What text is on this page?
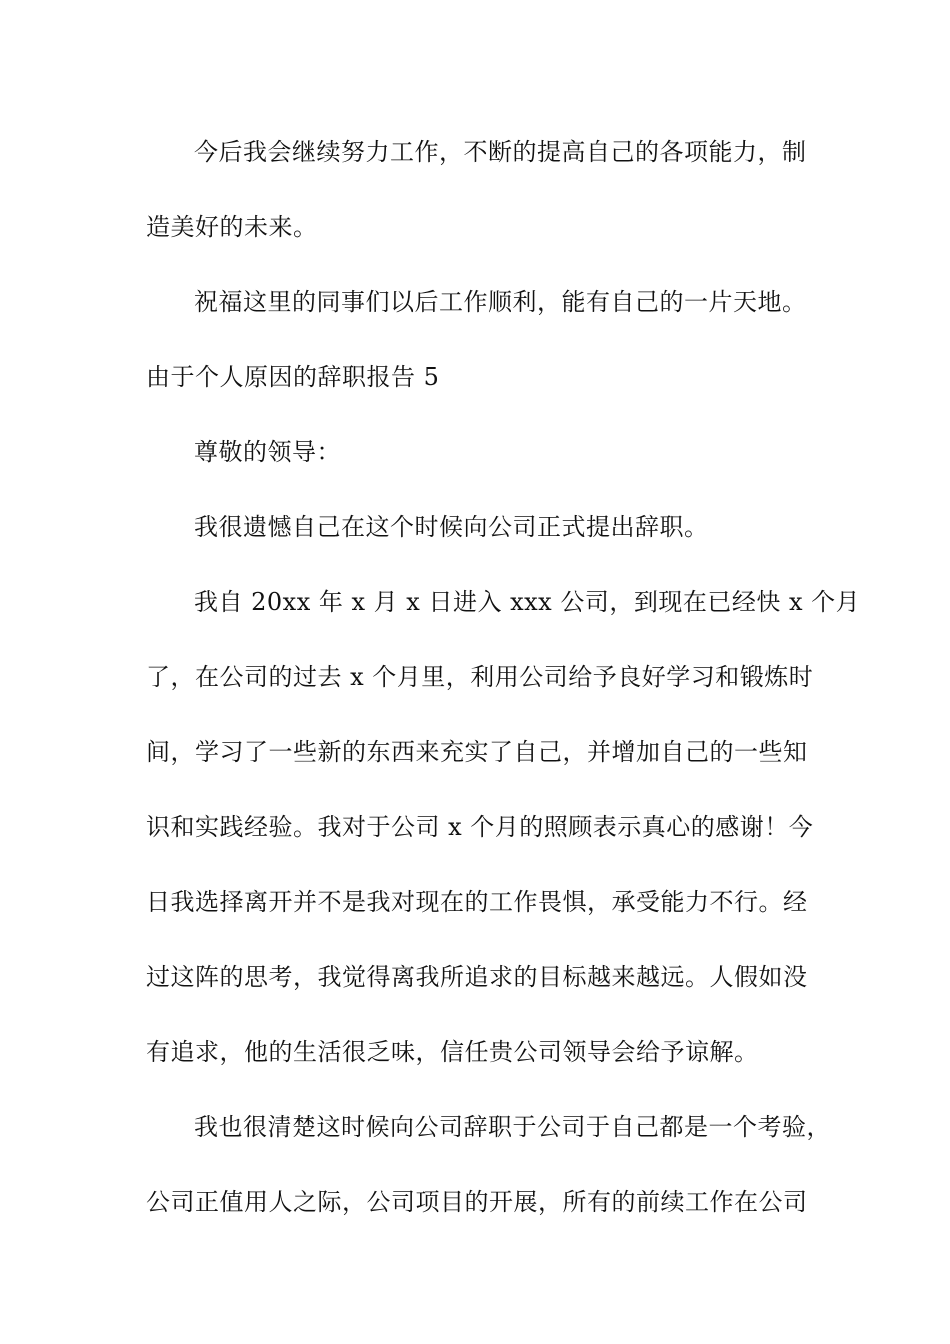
今后我会继续努力工作，不断的提高自己的各项能力，制
造美好的未来。
祝福这里的同事们以后工作顺利，能有自己的一片天地。
由于个人原因的辞职报告 5
尊敬的领导：
我很遗憾自己在这个时候向公司正式提出辞职。
我自 20xx 年 x 月 x 日进入 xxx 公司，到现在已经快 x 个月
了，在公司的过去 x 个月里，利用公司给予良好学习和锻炼时
间，学习了一些新的东西来充实了自己，并增加自己的一些知
识和实践经验。我对于公司 x 个月的照顾表示真心的感谢！今
日我选择离开并不是我对现在的工作畏惧，承受能力不行。经
过这阵的思考，我觉得离我所追求的目标越来越远。人假如没
有追求，他的生活很乏味，信任贵公司领导会给予谅解。
我也很清楚这时候向公司辞职于公司于自己都是一个考验，
公司正值用人之际，公司项目的开展，所有的前续工作在公司
